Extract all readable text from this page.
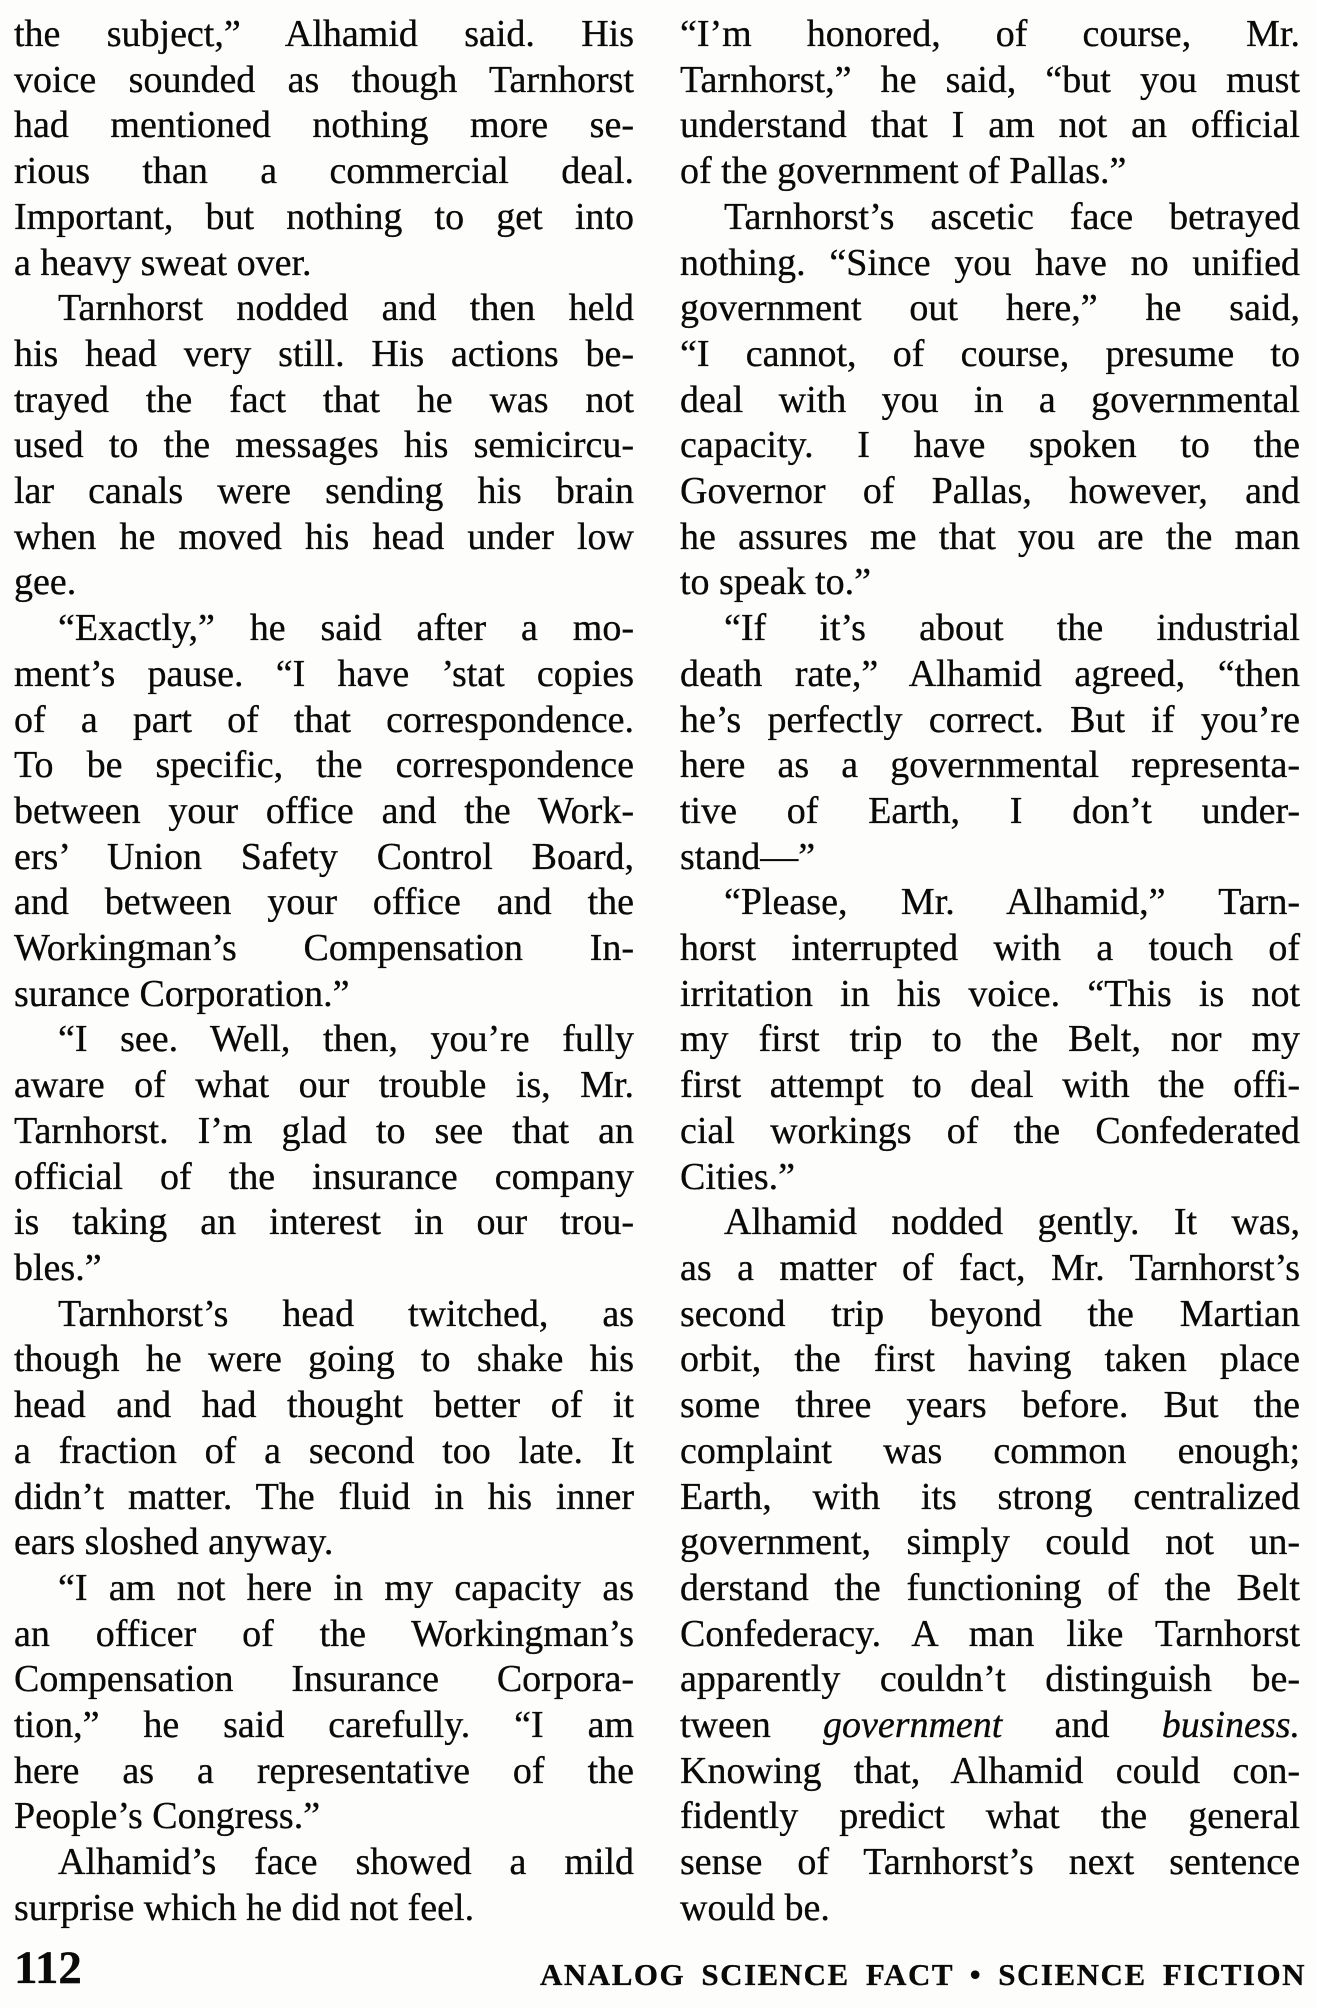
the subject,” Alhamid said. His
voice sounded as though Tarnhorst
had mentioned nothing more se-
rious than a commercial deal.
Important, but nothing to get into
a heavy sweat over.
Tarnhorst nodded and then held
his head very still. His actions be-
trayed the fact that he was not
used to the messages his semicircu-
lar canals were sending his brain
when he moved his head under low
gee.
“Exactly,” he said after a mo-
ment’s pause. “I have ’stat copies
of a part of that correspondence.
To be specific, the correspondence
between your office and the Work-
ers’ Union Safety Control Board,
and between your office and the
Workingman’s Compensation In-
surance Corporation.”
“I see. Well, then, you’re fully
aware of what our trouble is, Mr.
Tarnhorst. I’m glad to see that an
official of the insurance company
is taking an interest in our trou-
bles.”
Tarnhorst’s head twitched, as
though he were going to shake his
head and had thought better of it
a fraction of a second too late. It
didn’t matter. The fluid in his inner
ears sloshed anyway.
“I am not here in my capacity as
an officer of the Workingman’s
Compensation Insurance Corpora-
tion,” he said carefully. “I am
here as a representative of the
People’s Congress.”
Alhamid’s face showed a mild
surprise which he did not feel.
“I’m honored, of course, Mr.
Tarnhorst,” he said, “but you must
understand that I am not an official
of the government of Pallas.”
Tarnhorst’s ascetic face betrayed
nothing. “Since you have no unified
government out here,” he said,
“I cannot, of course, presume to
deal with you in a governmental
capacity. I have spoken to the
Governor of Pallas, however, and
he assures me that you are the man
to speak to.”
“If it’s about the industrial
death rate,” Alhamid agreed, “then
he’s perfectly correct. But if you’re
here as a governmental representa-
tive of Earth, I don’t under-
stand—”
“Please, Mr. Alhamid,” Tarn-
horst interrupted with a touch of
irritation in his voice. “This is not
my first trip to the Belt, nor my
first attempt to deal with the offi-
cial workings of the Confederated
Cities.”
Alhamid nodded gently. It was,
as a matter of fact, Mr. Tarnhorst’s
second trip beyond the Martian
orbit, the first having taken place
some three years before. But the
complaint was common enough;
Earth, with its strong centralized
government, simply could not un-
derstand the functioning of the Belt
Confederacy. A man like Tarnhorst
apparently couldn’t distinguish be-
tween government and business.
Knowing that, Alhamid could con-
fidently predict what the general
sense of Tarnhorst’s next sentence
would be.
112	ANALOG SCIENCE FACT • SCIENCE FICTION
